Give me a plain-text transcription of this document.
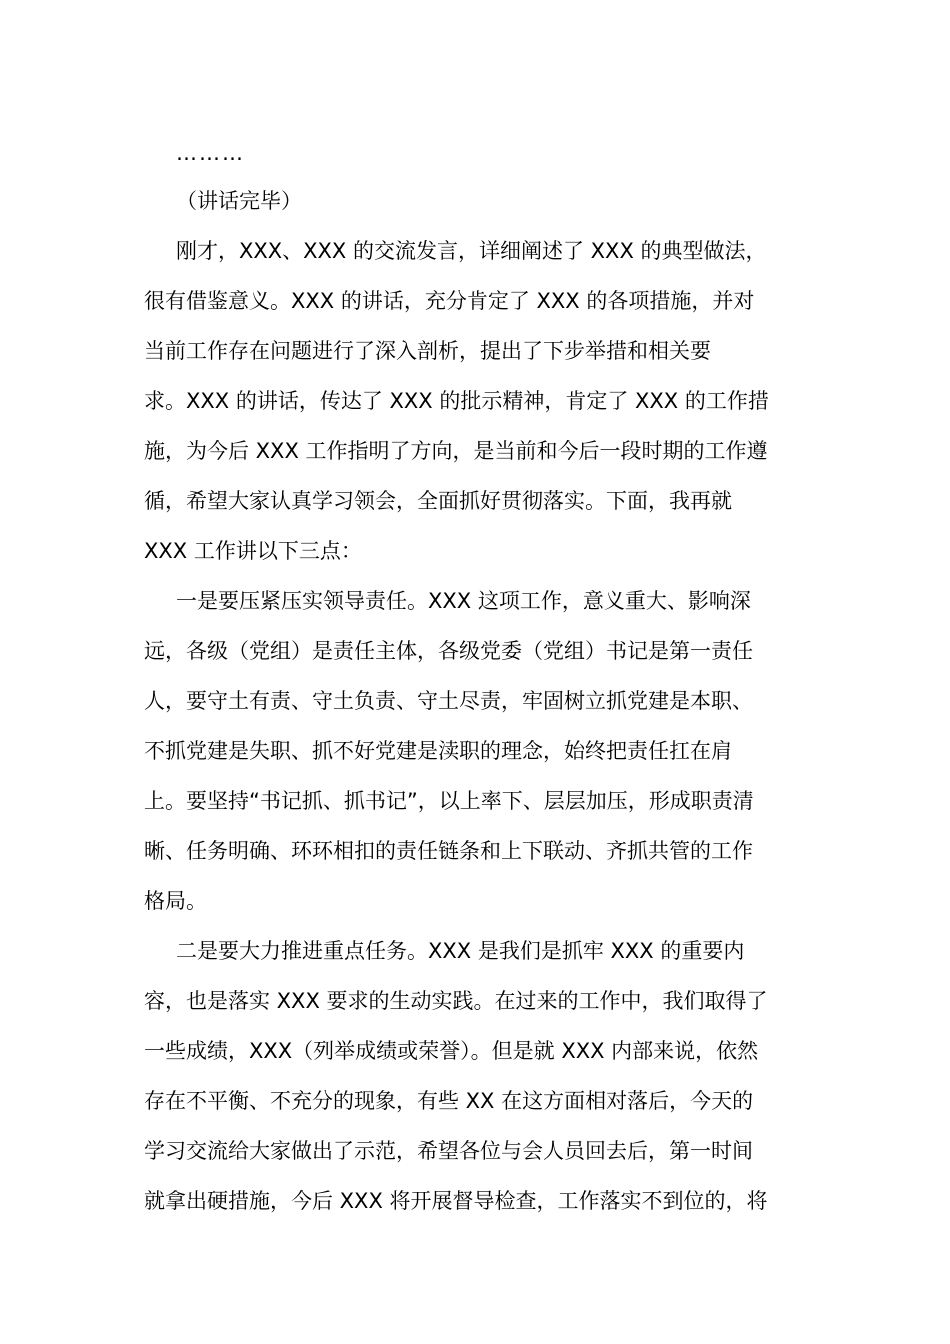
………
（讲话完毕）
刚才，XXX、XXX 的交流发言，详细阐述了 XXX 的典型做法，
很有借鉴意义。XXX 的讲话，充分肯定了 XXX 的各项措施，并对
当前工作存在问题进行了深入剖析，提出了下步举措和相关要
求。XXX 的讲话，传达了 XXX 的批示精神，肯定了 XXX 的工作措
施，为今后 XXX 工作指明了方向，是当前和今后一段时期的工作遵
循，希望大家认真学习领会，全面抓好贯彻落实。下面，我再就
XXX 工作讲以下三点：
一是要压紧压实领导责任。XXX 这项工作，意义重大、影响深
远，各级（党组）是责任主体，各级党委（党组）书记是第一责任
人，要守土有责、守土负责、守土尽责，牢固树立抓党建是本职、
不抓党建是失职、抓不好党建是渎职的理念，始终把责任扛在肩
上。要坚持“书记抓、抓书记”，以上率下、层层加压，形成职责清
晰、任务明确、环环相扣的责任链条和上下联动、齐抓共管的工作
格局。
二是要大力推进重点任务。XXX 是我们是抓牢 XXX 的重要内
容，也是落实 XXX 要求的生动实践。在过来的工作中，我们取得了
一些成绩，XXX（列举成绩或荣誉）。但是就 XXX 内部来说，依然
存在不平衡、不充分的现象，有些 XX 在这方面相对落后，今天的
学习交流给大家做出了示范，希望各位与会人员回去后，第一时间
就拿出硬措施，今后 XXX 将开展督导检查，工作落实不到位的，将
